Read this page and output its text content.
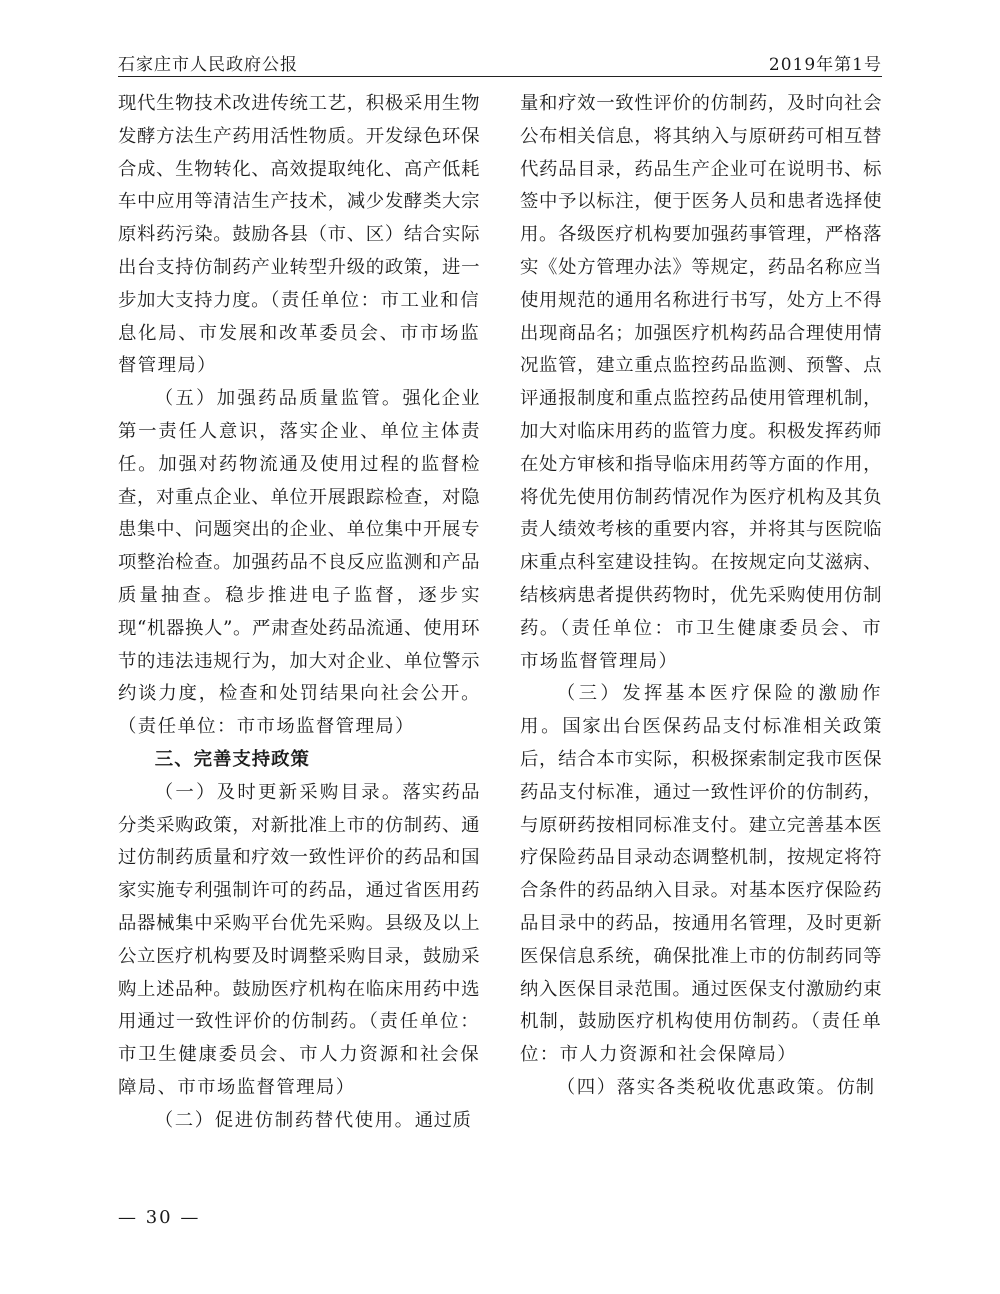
石家庄市人民政府公报	2019年第1号

现代生物技术改进传统工艺，积极采用生物发酵方法生产药用活性物质。开发绿色环保合成、生物转化、高效提取纯化、高产低耗车中应用等清洁生产技术，减少发酵类大宗原料药污染。鼓励各县（市、区）结合实际出台支持仿制药产业转型升级的政策，进一步加大支持力度。（责任单位：市工业和信息化局、市发展和改革委员会、市市场监督管理局）

（五）加强药品质量监管。强化企业第一责任人意识，落实企业、单位主体责任。加强对药物流通及使用过程的监督检查，对重点企业、单位开展跟踪检查，对隐患集中、问题突出的企业、单位集中开展专项整治检查。加强药品不良反应监测和产品质量抽查。稳步推进电子监督，逐步实现“机器换人”。严肃查处药品流通、使用环节的违法违规行为，加大对企业、单位警示约谈力度，检查和处罚结果向社会公开。（责任单位：市市场监督管理局）

三、完善支持政策

（一）及时更新采购目录。落实药品分类采购政策，对新批准上市的仿制药、通过仿制药质量和疗效一致性评价的药品和国家实施专利强制许可的药品，通过省医用药品器械集中采购平台优先采购。县级及以上公立医疗机构要及时调整采购目录，鼓励采购上述品种。鼓励医疗机构在临床用药中选用通过一致性评价的仿制药。（责任单位：市卫生健康委员会、市人力资源和社会保障局、市市场监督管理局）

（二）促进仿制药替代使用。通过质

量和疗效一致性评价的仿制药，及时向社会公布相关信息，将其纳入与原研药可相互替代药品目录，药品生产企业可在说明书、标签中予以标注，便于医务人员和患者选择使用。各级医疗机构要加强药事管理，严格落实《处方管理办法》等规定，药品名称应当使用规范的通用名称进行书写，处方上不得出现商品名；加强医疗机构药品合理使用情况监管，建立重点监控药品监测、预警、点评通报制度和重点监控药品使用管理机制，加大对临床用药的监管力度。积极发挥药师在处方审核和指导临床用药等方面的作用，将优先使用仿制药情况作为医疗机构及其负责人绩效考核的重要内容，并将其与医院临床重点科室建设挂钩。在按规定向艾滋病、结核病患者提供药物时，优先采购使用仿制药。（责任单位：市卫生健康委员会、市市场监督管理局）

（三）发挥基本医疗保险的激励作用。国家出台医保药品支付标准相关政策后，结合本市实际，积极探索制定我市医保药品支付标准，通过一致性评价的仿制药，与原研药按相同标准支付。建立完善基本医疗保险药品目录动态调整机制，按规定将符合条件的药品纳入目录。对基本医疗保险药品目录中的药品，按通用名管理，及时更新医保信息系统，确保批准上市的仿制药同等纳入医保目录范围。通过医保支付激励约束机制，鼓励医疗机构使用仿制药。（责任单位：市人力资源和社会保障局）

（四）落实各类税收优惠政策。仿制

— 30 —
